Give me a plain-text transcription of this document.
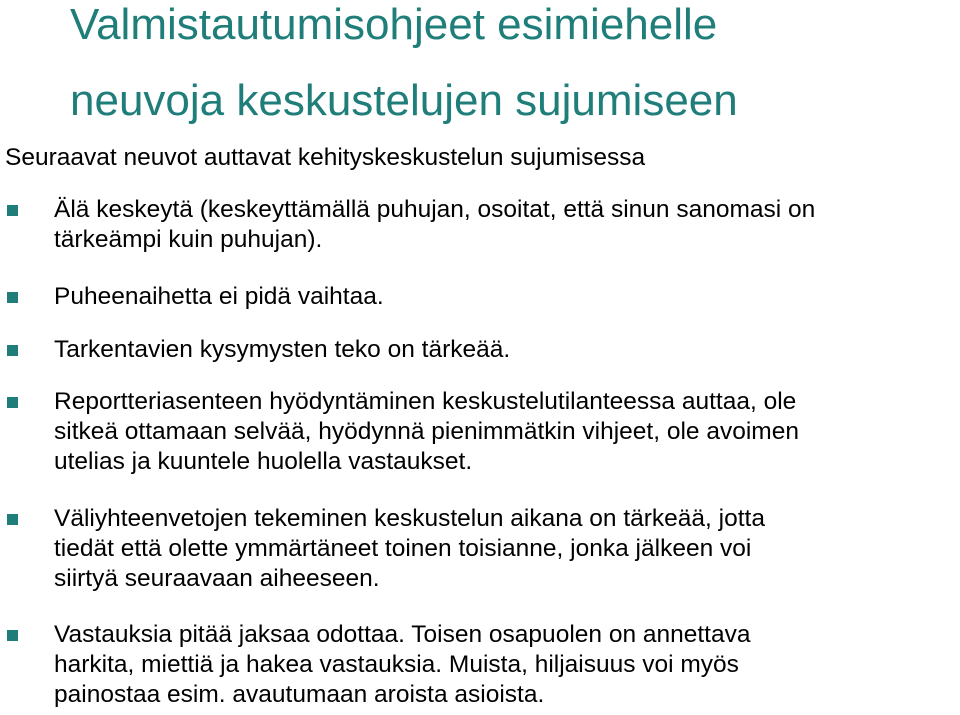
Valmistautumisohjeet esimiehelle
neuvoja keskustelujen sujumiseen

Seuraavat neuvot auttavat kehityskeskustelun sujumisessa

Älä keskeytä (keskeyttämällä puhujan, osoitat, että sinun sanomasi on
tärkeämpi kuin puhujan).

Puheenaihetta ei pidä vaihtaa.

Tarkentavien kysymysten teko on tärkeää.

Reportteriasenteen hyödyntäminen keskustelutilanteessa auttaa, ole
sitkeä ottamaan selvää, hyödynnä pienimmätkin vihjeet, ole avoimen
utelias ja kuuntele huolella vastaukset.

Väliyhteenvetojen tekeminen keskustelun aikana on tärkeää, jotta
tiedät että olette ymmärtäneet toinen toisianne, jonka jälkeen voi
siirtyä seuraavaan aiheeseen.

Vastauksia pitää jaksaa odottaa. Toisen osapuolen on annettava
harkita, miettiä ja hakea vastauksia. Muista, hiljaisuus voi myös
painostaa esim. avautumaan aroista asioista.
